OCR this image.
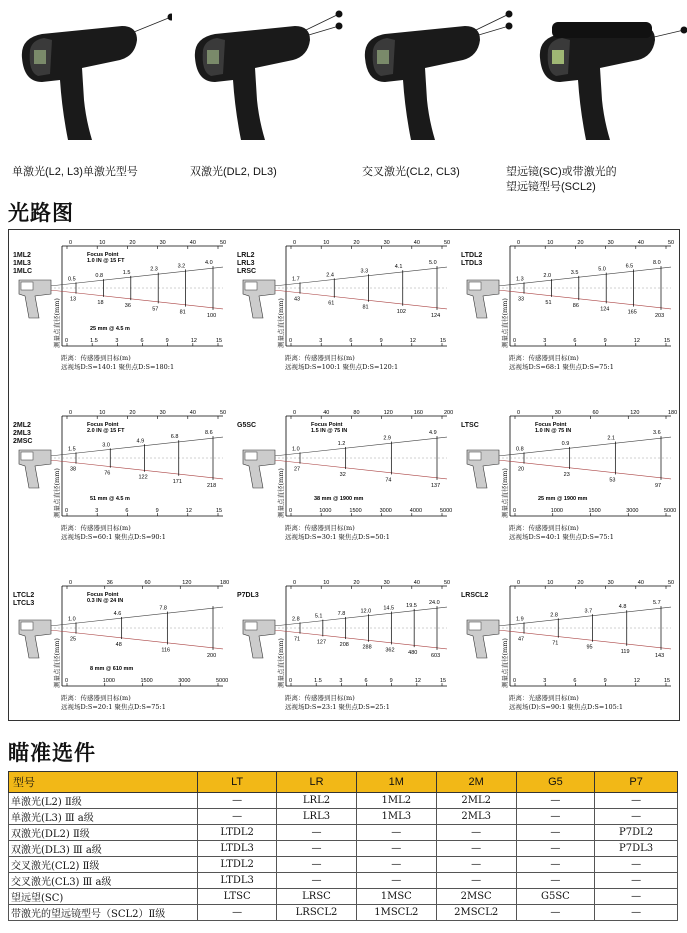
光路图
0	10	20	30	40	50
0	1.5	3	6	9	12	15
0.5
13
0.8
18
1.5
36
2.3
57
3.2
81
4.0
100
Focus Point
1.0 IN @ 15 FT
25 mm @ 4.5 m
1ML2
1ML3
1MLC
测量点直径(mm)
距离：传感器到目标(m)
远视场D:S=140:1 聚焦点D:S=180:1
0	10	20	30	40	50
0	3	6	9	12	15
1.7
43
2.4
61
3.3
81
4.1
102
5.0
124
LRL2
LRL3
LRSC
测量点直径(mm)
距离：传感器到目标(m)
远视场D:S=100:1 聚焦点D:S=120:1
0	10	20	30	40	50
0	3	6	9	12	15
1.3
33
2.0
51
3.5
86
5.0
124
6.5
165
8.0
203
LTDL2
LTDL3
测量点直径(mm)
距离：传感器到目标(m)
远视场D:S=68:1 聚焦点D:S=75:1
0	10	20	30	40	50
0	3	6	9	12	15
1.5
38
3.0
76
4.9
122
6.8
171
8.6
218
Focus Point
2.0 IN @ 15 FT
51 mm @ 4.5 m
2ML2
2ML3
2MSC
测量点直径(mm)
距离：传感器到目标(m)
远视场D:S=60:1 聚焦点D:S=90:1
0	40	80	120	160	200
0	1000	1500	3000	4000	5000
1.0
27
1.2
32
2.9
74
4.9
137
Focus Point
1.5 IN @ 75 IN
38 mm @ 1900 mm
G5SC
测量点直径(mm)
距离：传感器到目标(m)
远视场D:S=30:1 聚焦点D:S=50:1
0	30	60	120	180
0	1000	1500	3000	5000
0.8
20
0.9
23
2.1
53
3.6
97
Focus Point
1.0 IN @ 75 IN
25 mm @ 1900 mm
LTSC
测量点直径(mm)
距离：传感器到目标(m)
远视场D:S=40:1 聚焦点D:S=75:1
0	36	60	120	180
0	1000	1500	3000	5000
1.0
25
4.6
48
7.8
116
200
Focus Point
0.3 IN @ 24 IN
8 mm @ 610 mm
LTCL2
LTCL3
测量点直径(mm)
距离：传感器到目标(m)
远视场D:S=20:1 聚焦点D:S=75:1
0	10	20	30	40	50
0	1.5	3	6	9	12	15
2.8
71
5.1
127
7.8
208
12.0
288
14.5
362
19.5
480
24.0
603
P7DL3
测量点直径(mm)
距离：传感器到目标(m)
远视场D:S=23:1 聚焦点D:S=25:1
0	10	20	30	40	50
0	3	6	9	12	15
1.9
47
2.8
71
3.7
95
4.8
119
5.7
143
LRSCL2
测量点直径(mm)
距离：光感器到目标(m)
远视场(D):S=90:1 聚焦点D:S=105:1
瞄准选件
型号	LT	LR	1M	2M	G5	P7
单激光(L2) Ⅱ级	—	LRL2	1ML2	2ML2	—	—
单激光(L3) Ⅲ a级	—	LRL3	1ML3	2ML3	—	—
双激光(DL2) Ⅱ级	LTDL2	—	—	—	—	P7DL2
双激光(DL3) Ⅲ a级	LTDL3	—	—	—	—	P7DL3
交叉激光(CL2) Ⅱ级	LTDL2	—	—	—	—	—
交叉激光(CL3) Ⅲ a级	LTDL3	—	—	—	—	—
望远望(SC)	LTSC	LRSC	1MSC	2MSC	G5SC	—
带激光的望远镜型号（SCL2）Ⅱ级	—	LRSCL2	1MSCL2	2MSCL2	—	—
单激光(L2, L3)单激光型号	双激光(DL2, DL3)	交叉激光(CL2, CL3)	望远镜(SC)或带激光的
望远镜型号(SCL2)
